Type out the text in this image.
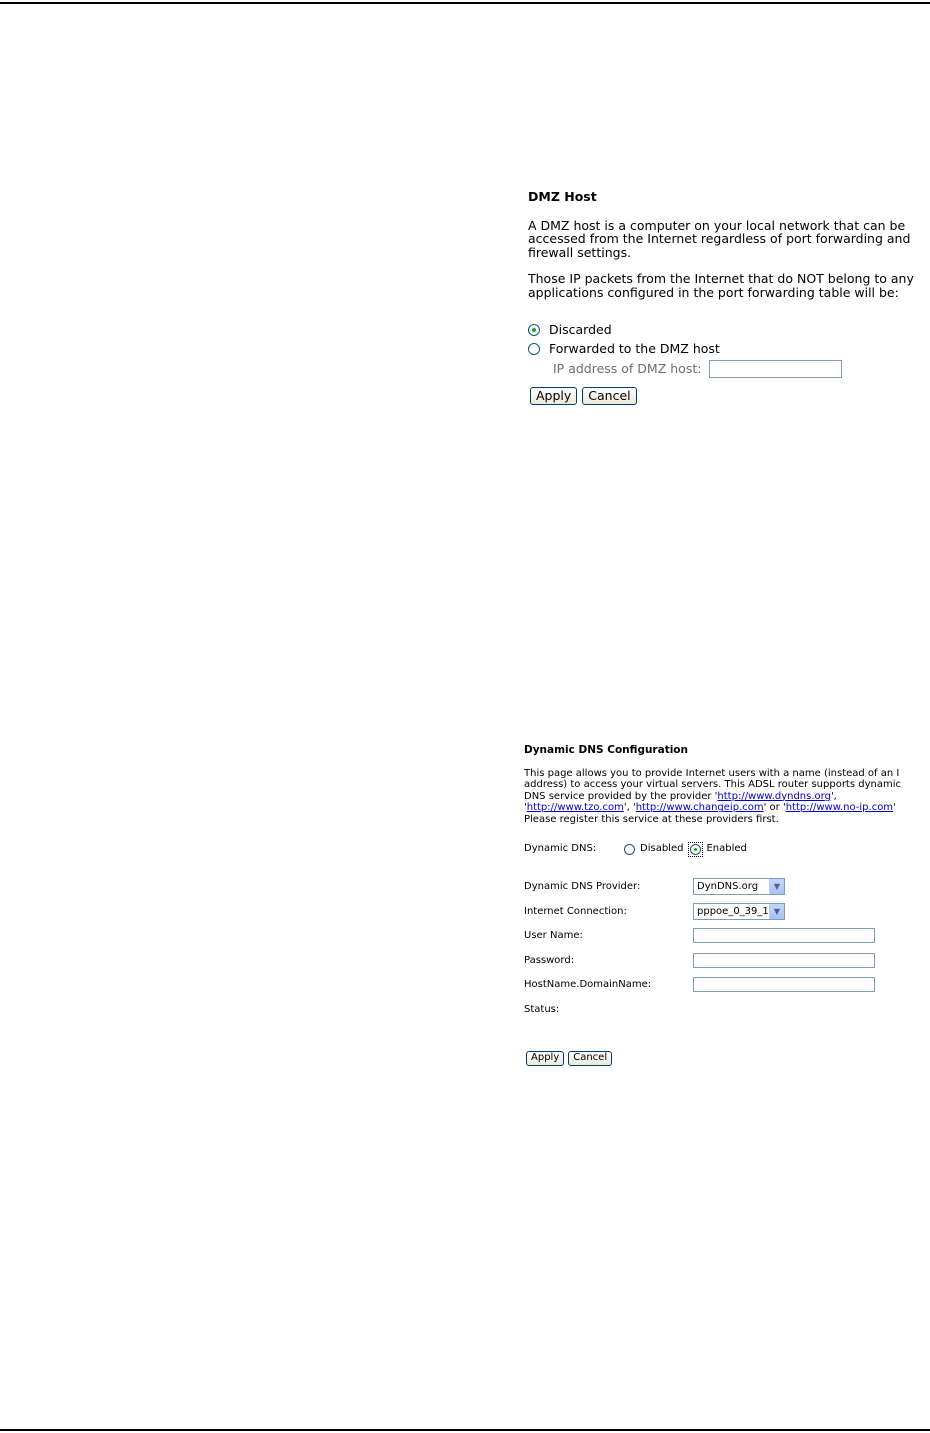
DMZ Host

A DMZ host is a computer on your local network that can be accessed from the Internet regardless of port forwarding and firewall settings.

Those IP packets from the Internet that do NOT belong to any applications configured in the port forwarding table will be:

Discarded
Forwarded to the DMZ host
IP address of DMZ host:
Apply	Cancel
Dynamic DNS Configuration
This page allows you to provide Internet users with a name (instead of an I
address) to access your virtual servers. This ADSL router supports dynamic
DNS service provided by the provider 'http://www.dyndns.org',
'http://www.tzo.com', 'http://www.changeip.com' or 'http://www.no-ip.com'
Please register this service at these providers first.
Dynamic DNS:	Disabled Enabled
Dynamic DNS Provider:	DynDNS.org	▼
Internet Connection:	pppoe_0_39_1 ▼
User Name:
Password:
HostName.DomainName:
Status:
Apply	Cancel
